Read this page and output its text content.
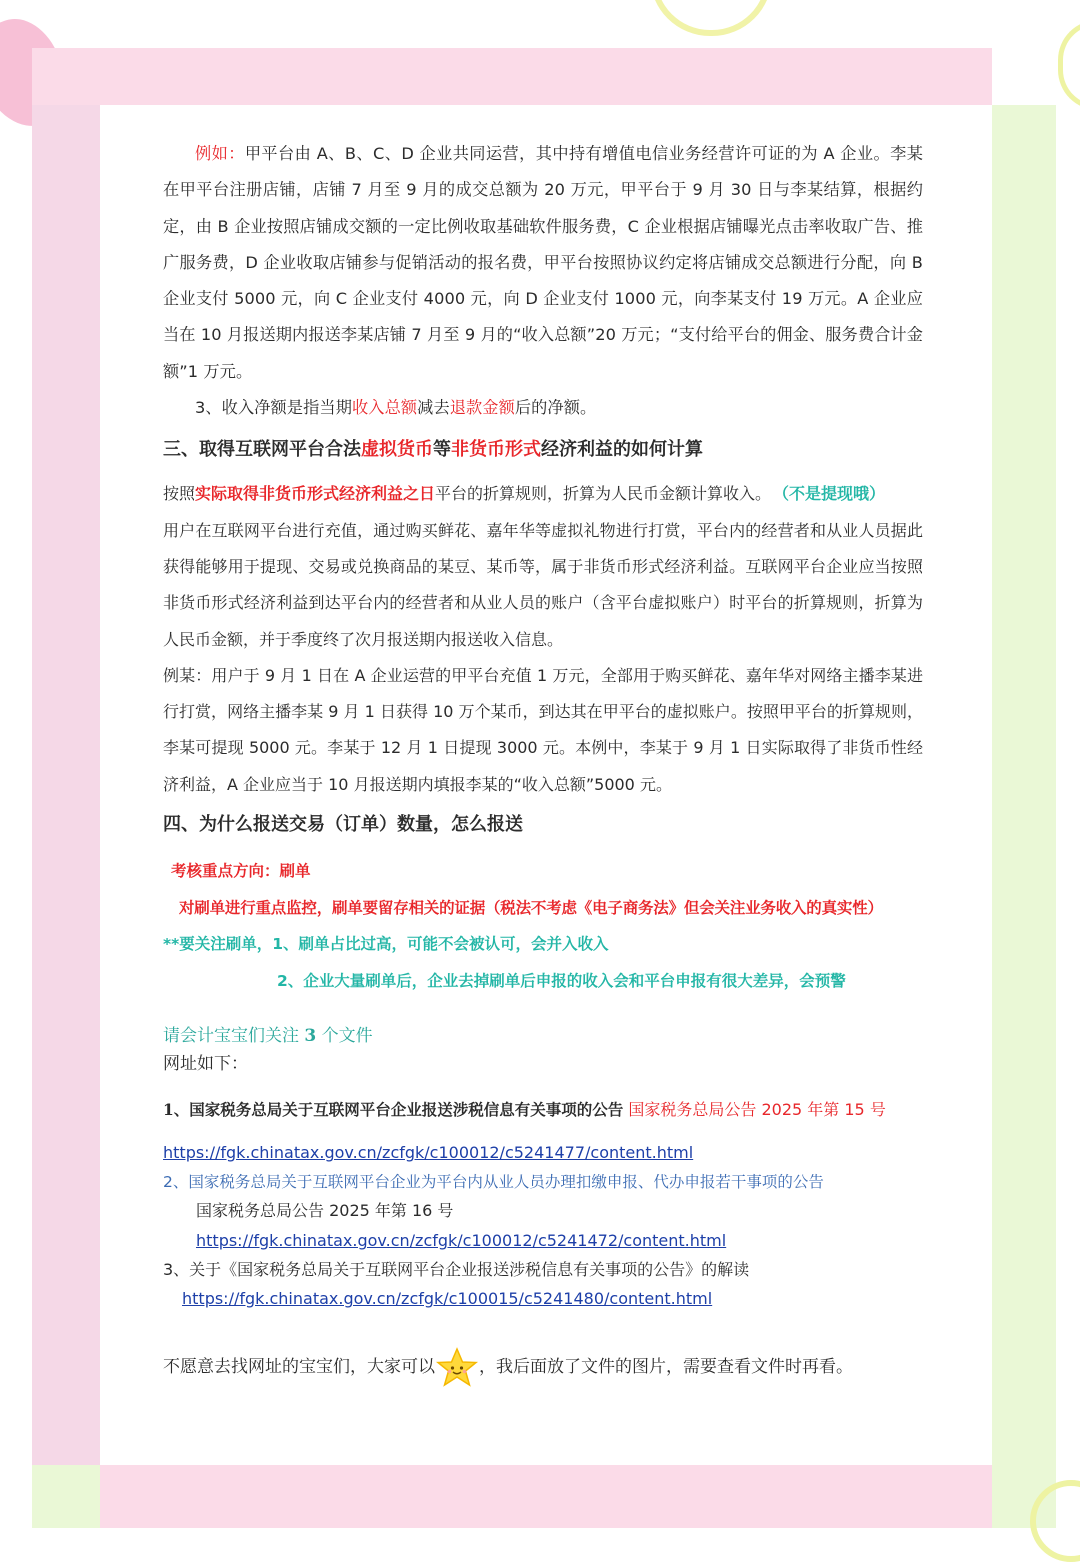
例如：甲平台由 A、B、C、D 企业共同运营，其中持有增值电信业务经营许可证的为 A 企业。李某在甲平台注册店铺，店铺 7 月至 9 月的成交总额为 20 万元，甲平台于 9 月 30 日与李某结算，根据约定，由 B 企业按照店铺成交额的一定比例收取基础软件服务费，C 企业根据店铺曝光点击率收取广告、推广服务费，D 企业收取店铺参与促销活动的报名费，甲平台按照协议约定将店铺成交总额进行分配，向 B 企业支付 5000 元，向 C 企业支付 4000 元，向 D 企业支付 1000 元，向李某支付 19 万元。A 企业应当在 10 月报送期内报送李某店铺 7 月至 9 月的“收入总额”20 万元；“支付给平台的佣金、服务费合计金额”1 万元。

3、收入净额是指当期收入总额减去退款金额后的净额。

三、取得互联网平台合法虚拟货币等非货币形式经济利益的如何计算

按照实际取得非货币形式经济利益之日平台的折算规则，折算为人民币金额计算收入。 （不是提现哦）

用户在互联网平台进行充值，通过购买鲜花、嘉年华等虚拟礼物进行打赏，平台内的经营者和从业人员据此获得能够用于提现、交易或兑换商品的某豆、某币等，属于非货币形式经济利益。互联网平台企业应当按照非货币形式经济利益到达平台内的经营者和从业人员的账户（含平台虚拟账户）时平台的折算规则，折算为人民币金额，并于季度终了次月报送期内报送收入信息。

例某：用户于 9 月 1 日在 A 企业运营的甲平台充值 1 万元，全部用于购买鲜花、嘉年华对网络主播李某进行打赏，网络主播李某 9 月 1 日获得 10 万个某币，到达其在甲平台的虚拟账户。按照甲平台的折算规则，李某可提现 5000 元。李某于 12 月 1 日提现 3000 元。本例中，李某于 9 月 1 日实际取得了非货币性经济利益，A 企业应当于 10 月报送期内填报李某的“收入总额”5000 元。

四、为什么报送交易（订单）数量，怎么报送

考核重点方向：刷单

对刷单进行重点监控，刷单要留存相关的证据（税法不考虑《电子商务法》但会关注业务收入的真实性）

**要关注刷单，1、刷单占比过高，可能不会被认可，会并入收入

2、企业大量刷单后，企业去掉刷单后申报的收入会和平台申报有很大差异，会预警

请会计宝宝们关注 3 个文件

网址如下：

1、国家税务总局关于互联网平台企业报送涉税信息有关事项的公告 国家税务总局公告 2025 年第 15 号

https://fgk.chinatax.gov.cn/zcfgk/c100012/c5241477/content.html

2、国家税务总局关于互联网平台企业为平台内从业人员办理扣缴申报、代办申报若干事项的公告

国家税务总局公告 2025 年第 16 号

https://fgk.chinatax.gov.cn/zcfgk/c100012/c5241472/content.html

3、关于《国家税务总局关于互联网平台企业报送涉税信息有关事项的公告》的解读

https://fgk.chinatax.gov.cn/zcfgk/c100015/c5241480/content.html

不愿意去找网址的宝宝们，大家可以	，我后面放了文件的图片，需要查看文件时再看。
